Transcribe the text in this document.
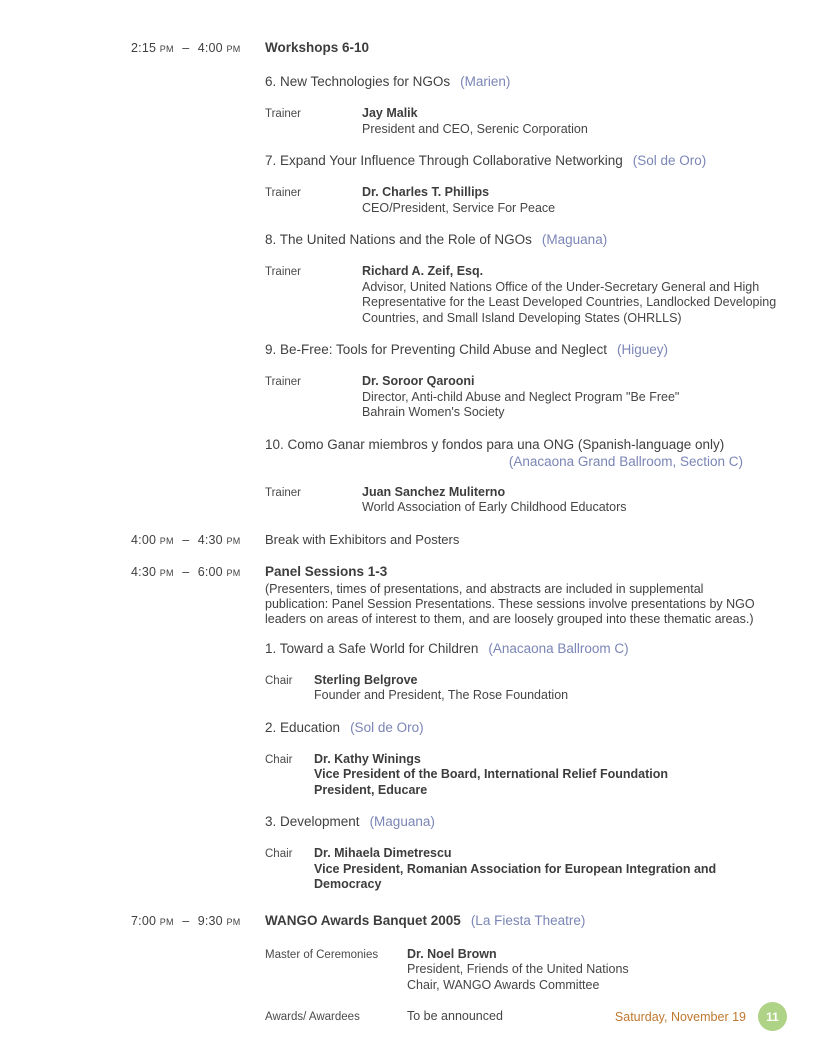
2:15 pm – 4:00 pm Workshops 6-10
6. New Technologies for NGOs (Marien)
Trainer	Jay Malik
President and CEO, Serenic Corporation
7. Expand Your Influence Through Collaborative Networking (Sol de Oro)
Trainer	Dr. Charles T. Phillips
CEO/President, Service For Peace
8. The United Nations and the Role of NGOs (Maguana)
Trainer	Richard A. Zeif, Esq.
Advisor, United Nations Office of the Under-Secretary General and High Representative for the Least Developed Countries, Landlocked Developing Countries, and Small Island Developing States (OHRLLS)
9. Be-Free: Tools for Preventing Child Abuse and Neglect (Higuey)
Trainer	Dr. Soroor Qarooni
Director, Anti-child Abuse and Neglect Program "Be Free"
Bahrain Women's Society
10. Como Ganar miembros y fondos para una ONG (Spanish-language only)
(Anacaona Grand Ballroom, Section C)
Trainer	Juan Sanchez Muliterno
World Association of Early Childhood Educators
4:00 pm – 4:30 pm Break with Exhibitors and Posters
4:30 pm – 6:00 pm Panel Sessions 1-3

(Presenters, times of presentations, and abstracts are included in supplemental publication: Panel Session Presentations. These sessions involve presentations by NGO leaders on areas of interest to them, and are loosely grouped into these thematic areas.)

1. Toward a Safe World for Children (Anacaona Ballroom C)
Chair	Sterling Belgrove
Founder and President, The Rose Foundation
2. Education (Sol de Oro)
Chair	Dr. Kathy Winings
Vice President of the Board, International Relief Foundation
President, Educare
3. Development (Maguana)
Chair	Dr. Mihaela Dimetrescu
Vice President, Romanian Association for European Integration and Democracy
7:00 pm – 9:30 pm WANGO Awards Banquet 2005 (La Fiesta Theatre)
Master of Ceremonies	Dr. Noel Brown
President, Friends of the United Nations
Chair, WANGO Awards Committee
Awards/ Awardees	To be announced	Saturday, November 19	11
